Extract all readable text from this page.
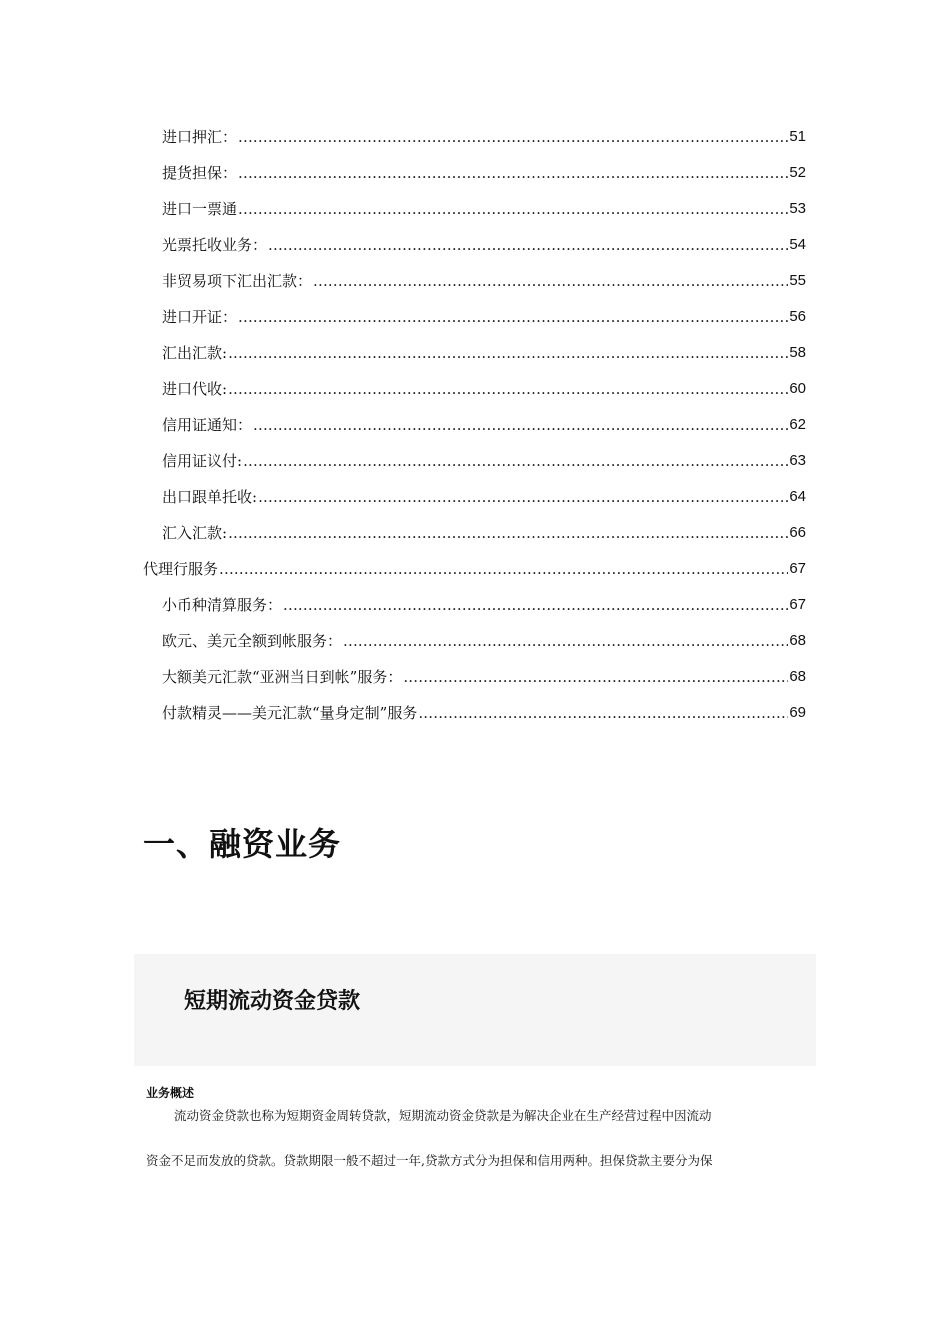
进口押汇： .....	51
提货担保： .....	52
进口一票通 .....	53
光票托收业务： .....	54
非贸易项下汇出汇款： .....	55
进口开证： .....	56
汇出汇款: .....	58
进口代收: .....	60
信用证通知： .....	62
信用证议付: .....	63
出口跟单托收: .....	64
汇入汇款: .....	66
代理行服务 .....	67
小币种清算服务： .....	67
欧元、美元全额到帐服务： .....	68
大额美元汇款“亚洲当日到帐”服务： .....	68
付款精灵——美元汇款“量身定制”服务 .....	69
一、融资业务
短期流动资金贷款
业务概述
流动资金贷款也称为短期资金周转贷款，短期流动资金贷款是为解决企业在生产经营过程中因流动
资金不足而发放的贷款。贷款期限一般不超过一年,贷款方式分为担保和信用两种。担保贷款主要分为保
